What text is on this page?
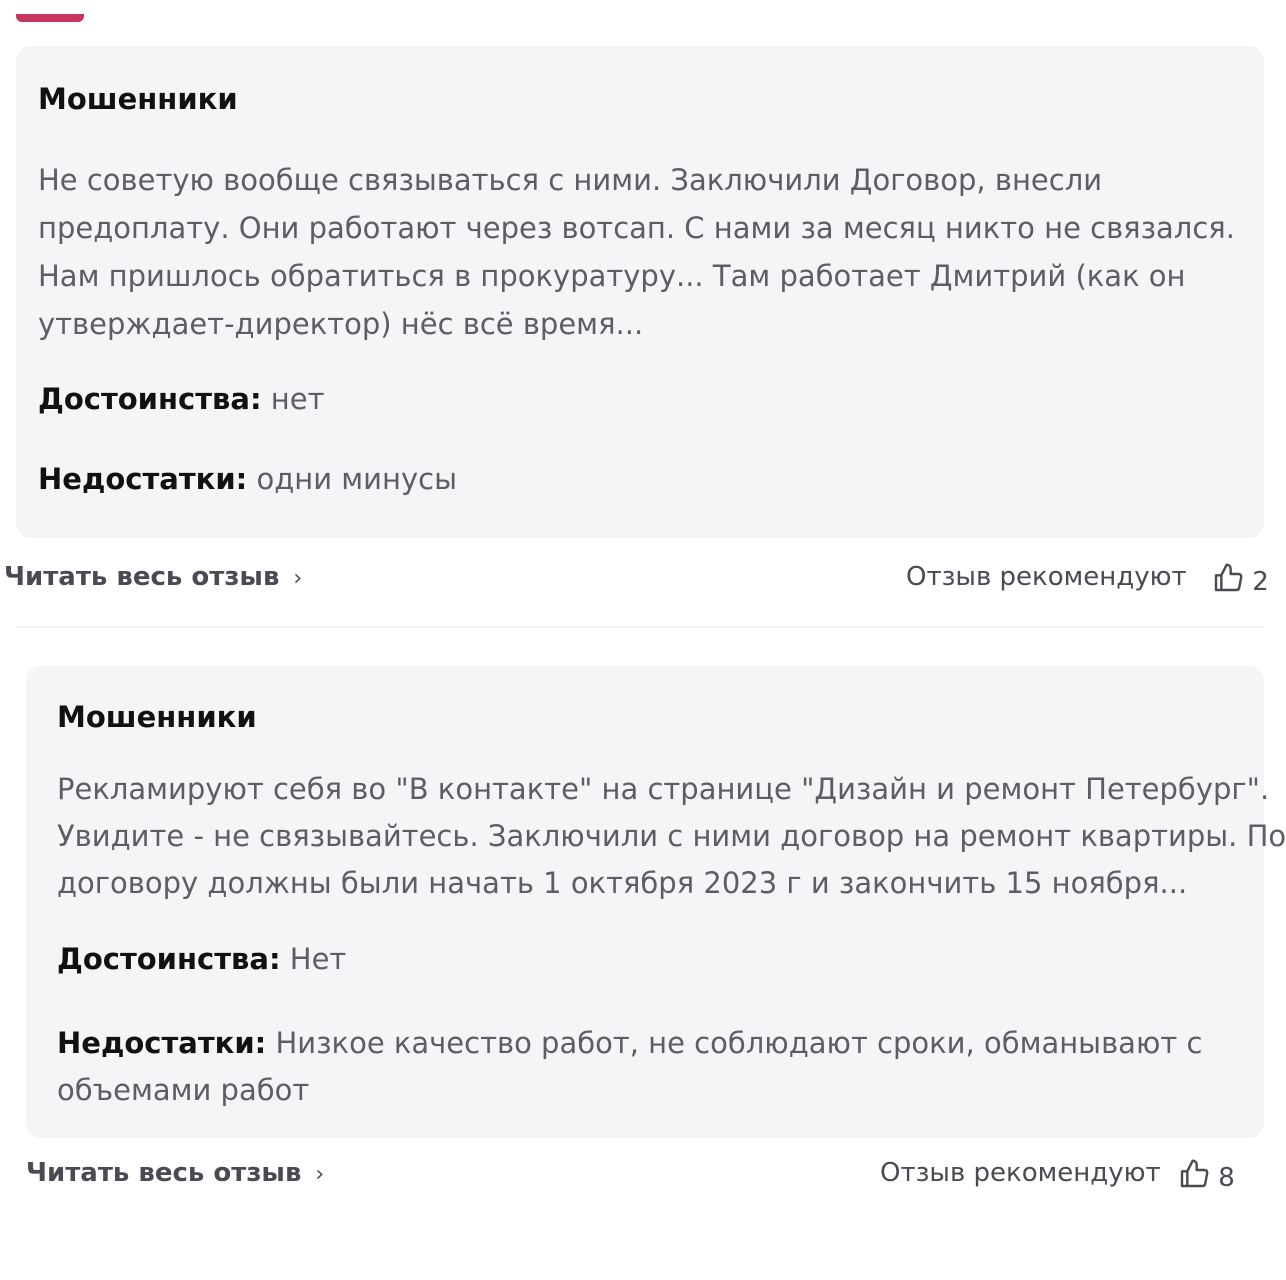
Мошенники
Не советую вообще связываться с ними. Заключили Договор, внесли
предоплату. Они работают через вотсап. С нами за месяц никто не связался.
Нам пришлось обратиться в прокуратуру... Там работает Дмитрий (как он
утверждает-директор) нёс всё время...

Достоинства: нет

Недостатки: одни минусы

Читать весь отзыв ›	Отзыв рекомендуют	2
Мошенники
Рекламируют себя во "В контакте" на странице "Дизайн и ремонт Петербург".
Увидите - не связывайтесь. Заключили с ними договор на ремонт квартиры. По
договору должны были начать 1 октября 2023 г и закончить 15 ноября...

Достоинства: Нет

Недостатки: Низкое качество работ, не соблюдают сроки, обманывают с
объемами работ

Читать весь отзыв ›	Отзыв рекомендуют	8
